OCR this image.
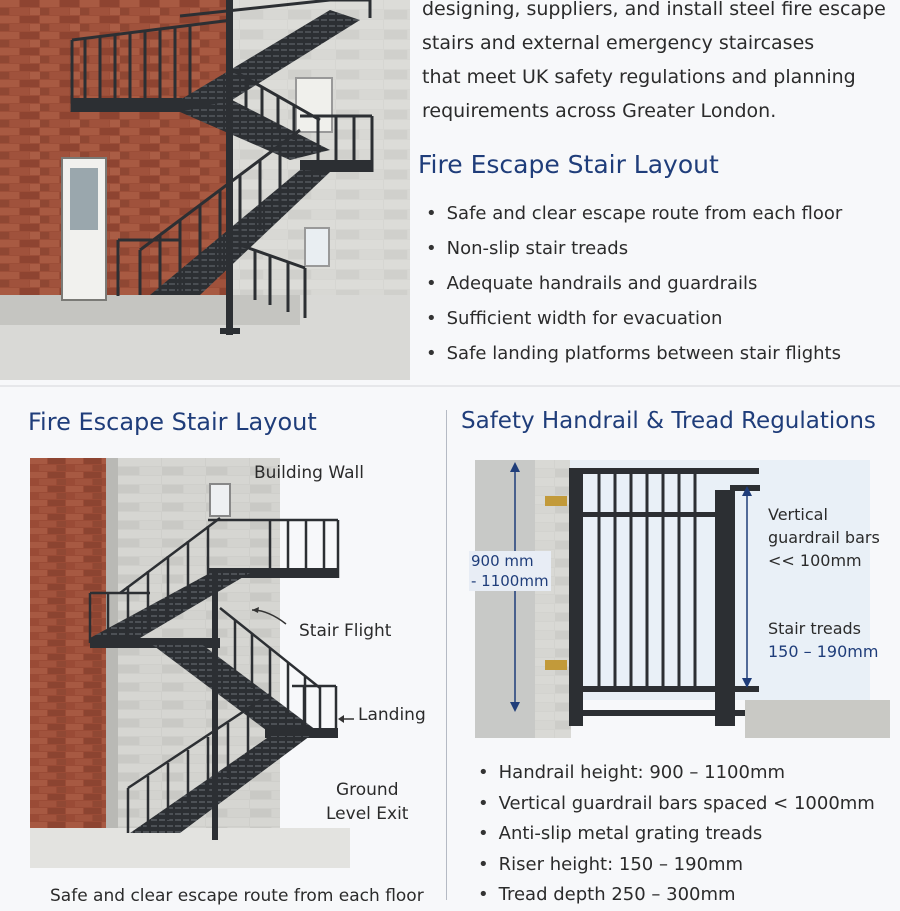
designing, suppliers, and install steel fire escape
stairs and external emergency staircases
that meet UK safety regulations and planning
requirements across Greater London.
Fire Escape Stair Layout
• Safe and clear escape route from each floor
• Non-slip stair treads
• Adequate handrails and guardrails
• Sufficient width for evacuation
• Safe landing platforms between stair flights
Fire Escape Stair Layout
Building Wall
Stair Flight
Landing
Ground
Level Exit
Safe and clear escape route from each floor
Safety Handrail & Tread Regulations
900 mm
- 1100mm
Vertical
guardrail bars
<< 100mm
Stair treads
150 – 190mm
• Handrail height: 900 – 1100mm
• Vertical guardrail bars spaced < 1000mm
• Anti-slip metal grating treads
• Riser height: 150 – 190mm
• Tread depth 250 – 300mm
